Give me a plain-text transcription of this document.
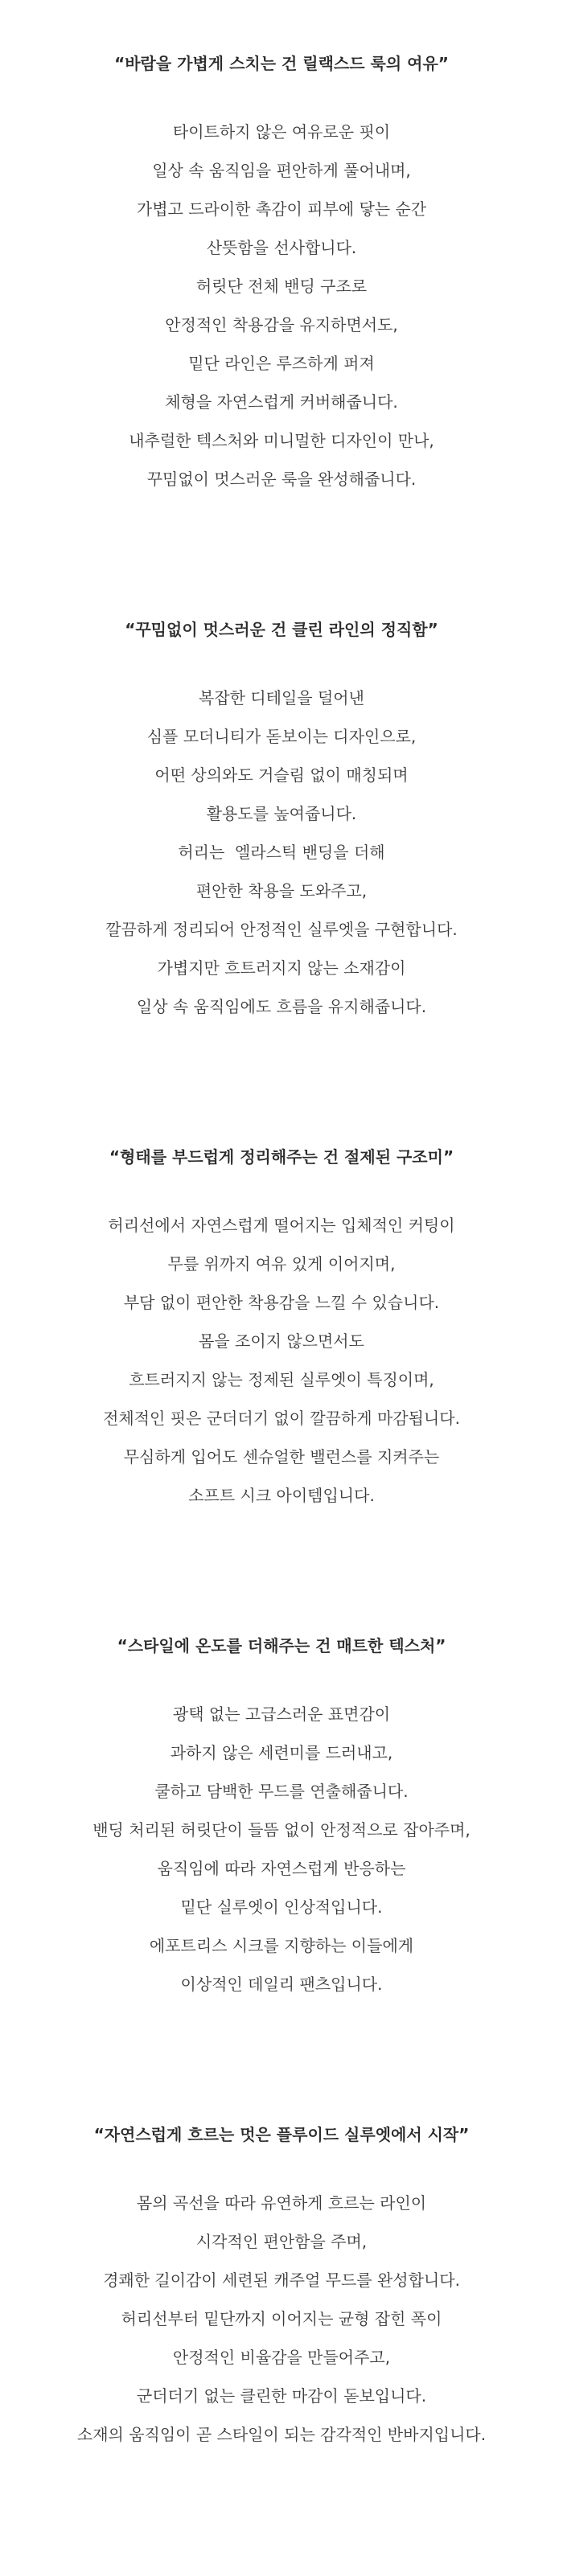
“바람을 가볍게 스치는 건 릴랙스드 룩의 여유”
타이트하지 않은 여유로운 핏이
일상 속 움직임을 편안하게 풀어내며,
가볍고 드라이한 촉감이 피부에 닿는 순간
산뜻함을 선사합니다.
허릿단 전체 밴딩 구조로
안정적인 착용감을 유지하면서도,
밑단 라인은 루즈하게 퍼져
체형을 자연스럽게 커버해줍니다.
내추럴한 텍스처와 미니멀한 디자인이 만나,
꾸밈없이 멋스러운 룩을 완성해줍니다.
“꾸밈없이 멋스러운 건 클린 라인의 정직함”
복잡한 디테일을 덜어낸
심플 모더니티가 돋보이는 디자인으로,
어떤 상의와도 거슬림 없이 매칭되며
활용도를 높여줍니다.
허리는  엘라스틱 밴딩을 더해
편안한 착용을 도와주고,
깔끔하게 정리되어 안정적인 실루엣을 구현합니다.
가볍지만 흐트러지지 않는 소재감이
일상 속 움직임에도 흐름을 유지해줍니다.
“형태를 부드럽게 정리해주는 건 절제된 구조미”
허리선에서 자연스럽게 떨어지는 입체적인 커팅이
무릎 위까지 여유 있게 이어지며,
부담 없이 편안한 착용감을 느낄 수 있습니다.
몸을 조이지 않으면서도
흐트러지지 않는 정제된 실루엣이 특징이며,
전체적인 핏은 군더더기 없이 깔끔하게 마감됩니다.
무심하게 입어도 센슈얼한 밸런스를 지켜주는
소프트 시크 아이템입니다.
“스타일에 온도를 더해주는 건 매트한 텍스처”
광택 없는 고급스러운 표면감이
과하지 않은 세련미를 드러내고,
쿨하고 담백한 무드를 연출해줍니다.
밴딩 처리된 허릿단이 들뜸 없이 안정적으로 잡아주며,
움직임에 따라 자연스럽게 반응하는
밑단 실루엣이 인상적입니다.
에포트리스 시크를 지향하는 이들에게
이상적인 데일리 팬츠입니다.
“자연스럽게 흐르는 멋은 플루이드 실루엣에서 시작”
몸의 곡선을 따라 유연하게 흐르는 라인이
시각적인 편안함을 주며,
경쾌한 길이감이 세련된 캐주얼 무드를 완성합니다.
허리선부터 밑단까지 이어지는 균형 잡힌 폭이
안정적인 비율감을 만들어주고,
군더더기 없는 클린한 마감이 돋보입니다.
소재의 움직임이 곧 스타일이 되는 감각적인 반바지입니다.
